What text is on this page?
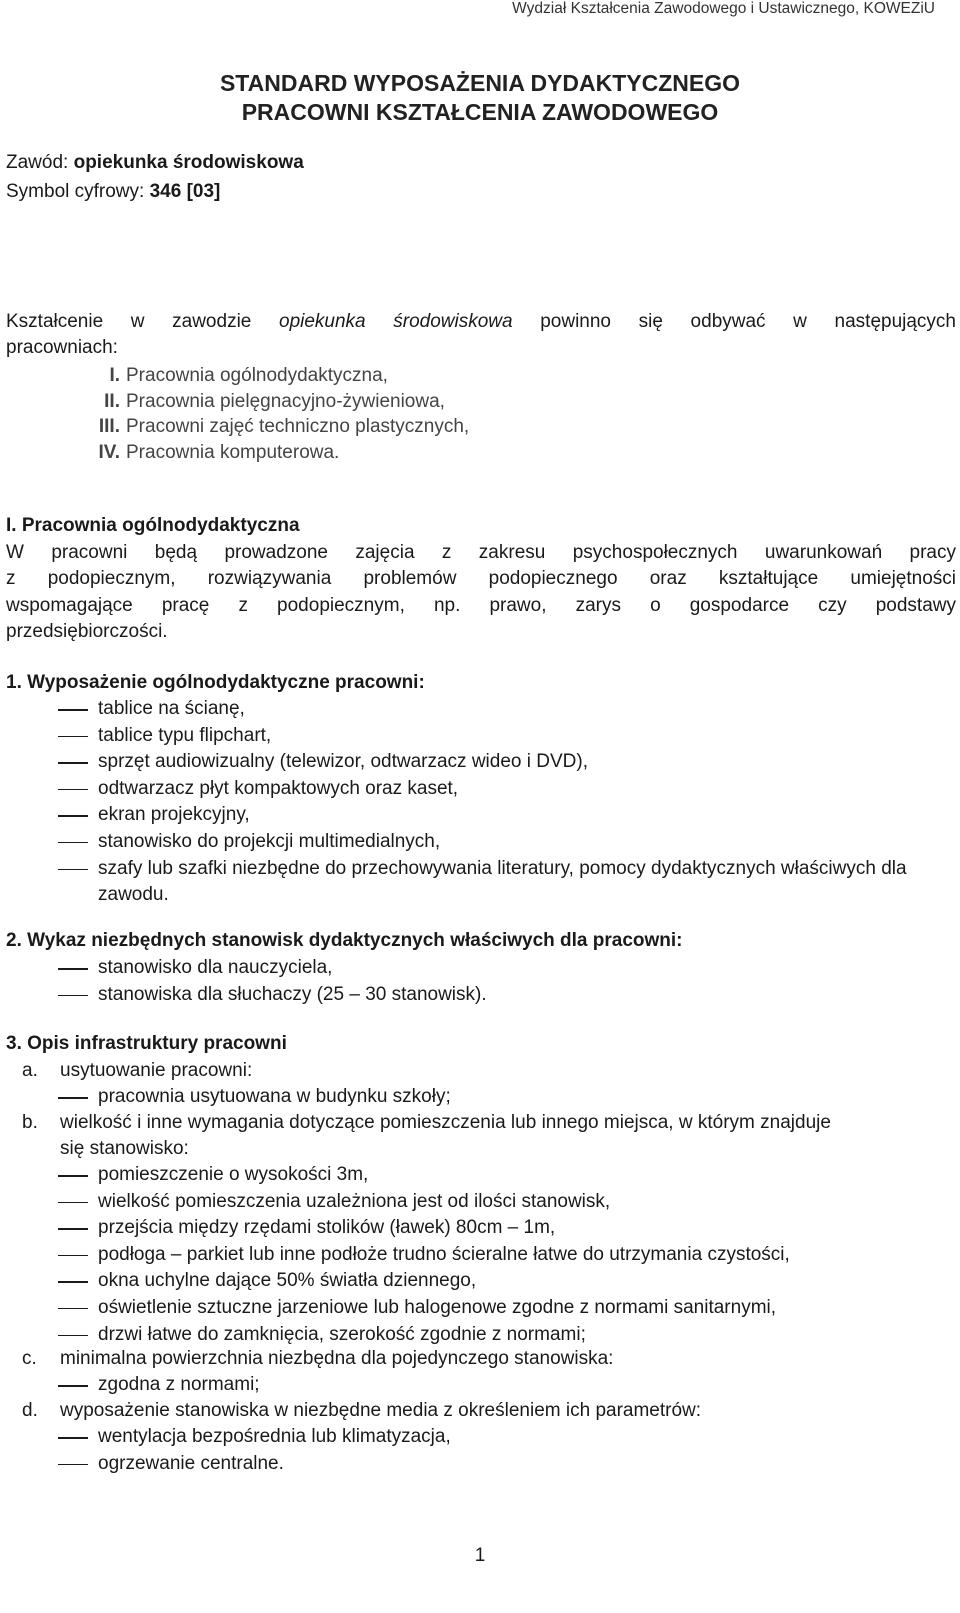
Wydział Kształcenia Zawodowego i Ustawicznego, KOWEZiU
STANDARD WYPOSAŻENIA DYDAKTYCZNEGO
PRACOWNI KSZTAŁCENIA ZAWODOWEGO
Zawód: opiekunka środowiskowa
Symbol cyfrowy: 346 [03]
Kształcenie w zawodzie opiekunka środowiskowa powinno się odbywać w następujących
pracowniach:
I. Pracownia ogólnodydaktyczna,
II. Pracownia pielęgnacyjno-żywieniowa,
III. Pracowni zajęć techniczno plastycznych,
IV. Pracownia komputerowa.
I. Pracownia ogólnodydaktyczna
W pracowni będą prowadzone zajęcia z zakresu psychospołecznych uwarunkowań pracy
z podopiecznym, rozwiązywania problemów podopiecznego oraz kształtujące umiejętności
wspomagające pracę z podopiecznym, np. prawo, zarys o gospodarce czy podstawy
przedsiębiorczości.
1. Wyposażenie ogólnodydaktyczne pracowni:
tablice na ścianę,
tablice typu flipchart,
sprzęt audiowizualny (telewizor, odtwarzacz wideo i DVD),
odtwarzacz płyt kompaktowych oraz kaset,
ekran projekcyjny,
stanowisko do projekcji multimedialnych,
szafy lub szafki niezbędne do przechowywania literatury, pomocy dydaktycznych właściwych dla zawodu.
2. Wykaz niezbędnych stanowisk dydaktycznych właściwych dla pracowni:
stanowisko dla nauczyciela,
stanowiska dla słuchaczy (25 – 30 stanowisk).
3. Opis infrastruktury pracowni
a. usytuowanie pracowni:
pracownia usytuowana w budynku szkoły;
b.	wielkość i inne wymagania dotyczące pomieszczenia lub innego miejsca, w którym znajduje się stanowisko:
pomieszczenie o wysokości 3m,
wielkość pomieszczenia uzależniona jest od ilości stanowisk,
przejścia między rzędami stolików (ławek) 80cm – 1m,
podłoga – parkiet lub inne podłoże trudno ścieralne łatwe do utrzymania czystości,
okna uchylne dające 50% światła dziennego,
oświetlenie sztuczne jarzeniowe lub halogenowe zgodne z normami sanitarnymi,
drzwi łatwe do zamknięcia, szerokość zgodnie z normami;
c. minimalna powierzchnia niezbędna dla pojedynczego stanowiska:
zgodna z normami;
d. wyposażenie stanowiska w niezbędne media z określeniem ich parametrów:
wentylacja bezpośrednia lub klimatyzacja,
ogrzewanie centralne.
1
